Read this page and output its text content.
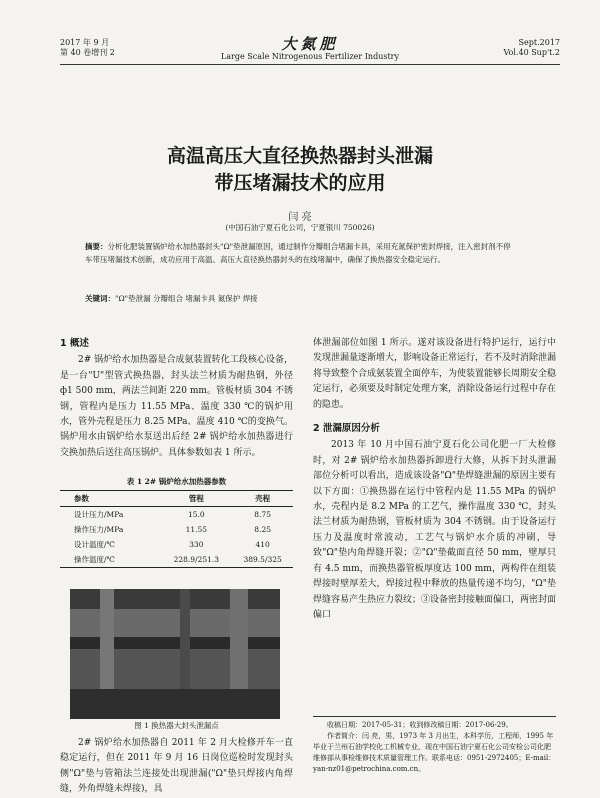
2017 年 9 月
第 40 卷增刊 2	大氮肥
Large Scale Nitrogenous Fertilizer Industry
Sept.2017
Vol.40 Sup't.2
高温高压大直径换热器封头泄漏
带压堵漏技术的应用
闫 亮
(中国石油宁夏石化公司，宁夏银川 750026)
摘要：分析化肥装置锅炉给水加热器封头"Ω"垫泄漏原因，通过制作分瓣组合堵漏卡具，采用充氮保护密封焊接，注入密封剂不停车带压堵漏技术创新，成功应用于高温、高压大直径换热器封头的在线堵漏中，确保了换热器安全稳定运行。
关键词："Ω"垫泄漏 分瓣组合 堵漏卡具 氮保护 焊接
1 概述

2# 锅炉给水加热器是合成氨装置转化工段核心设备，是一台"U"型管式换热器，封头法兰材质为耐热钢，外径 ф1 500 mm，两法兰间距 220 mm。管板材质 304 不锈钢，管程内是压力 11.55 MPa、温度 330 ℃的锅炉用水，管外壳程是压力 8.25 MPa、温度 410 ℃的变换气。锅炉用水由锅炉给水泵送出后经 2# 锅炉给水加热器进行交换加热后送往高压锅炉。具体参数如表 1 所示。

表 1 2# 锅炉给水加热器参数
参数	管程	壳程
设计压力/MPa	15.0	8.75
操作压力/MPa	11.55	8.25
设计温度/℃	330	410
操作温度/℃	228.9/251.3	389.5/325
图 1 换热器大封头泄漏点

2# 锅炉给水加热器自 2011 年 2 月大检修开车一直稳定运行，但在 2011 年 9 月 16 日岗位巡检时发现封头侧"Ω"垫与管箱法兰连接处出现泄漏("Ω"垫只焊接内角焊缝，外角焊缝未焊接)，具

体泄漏部位如图 1 所示。遂对该设备进行特护运行，运行中发现泄漏量逐渐增大，影响设备正常运行，若不及时消除泄漏将导致整个合成氨装置全面停车，为使装置能够长周期安全稳定运行，必须要及时制定处理方案，消除设备运行过程中存在的隐患。

2 泄漏原因分析

2013 年 10 月中国石油宁夏石化公司化肥一厂大检修时，对 2# 锅炉给水加热器拆卸进行大修，从拆下封头泄漏部位分析可以看出，造成该设备"Ω"垫焊缝泄漏的原因主要有以下方面：①换热器在运行中管程内是 11.55 MPa 的锅炉水，壳程内是 8.2 MPa 的工艺气，操作温度 330 ℃，封头法兰材质为耐热钢，管板材质为 304 不锈钢。由于设备运行压力及温度时常波动，工艺气与锅炉水介质的冲刷，导致"Ω"垫内角焊缝开裂；②"Ω"垫截面直径 50 mm，壁厚只有 4.5 mm，而换热器管板厚度达 100 mm，两构件在组装焊接时壁厚差大，焊接过程中释放的热量传递不均匀，"Ω"垫焊缝容易产生热应力裂纹；③设备密封接触面偏口，两密封面偏口

收稿日期：2017-05-31；收到修改稿日期：2017-06-29。

作者简介：闫 亮，男，1973 年 3 月出生，本科学历，工程师，1995 年毕业于兰州石油学校化工机械专业，现在中国石油宁夏石化公司安检公司化肥维修部从事检维修技术质量管理工作。联系电话：0951-2972405；E-mail：yan-nz01@petrochina.com.cn。
